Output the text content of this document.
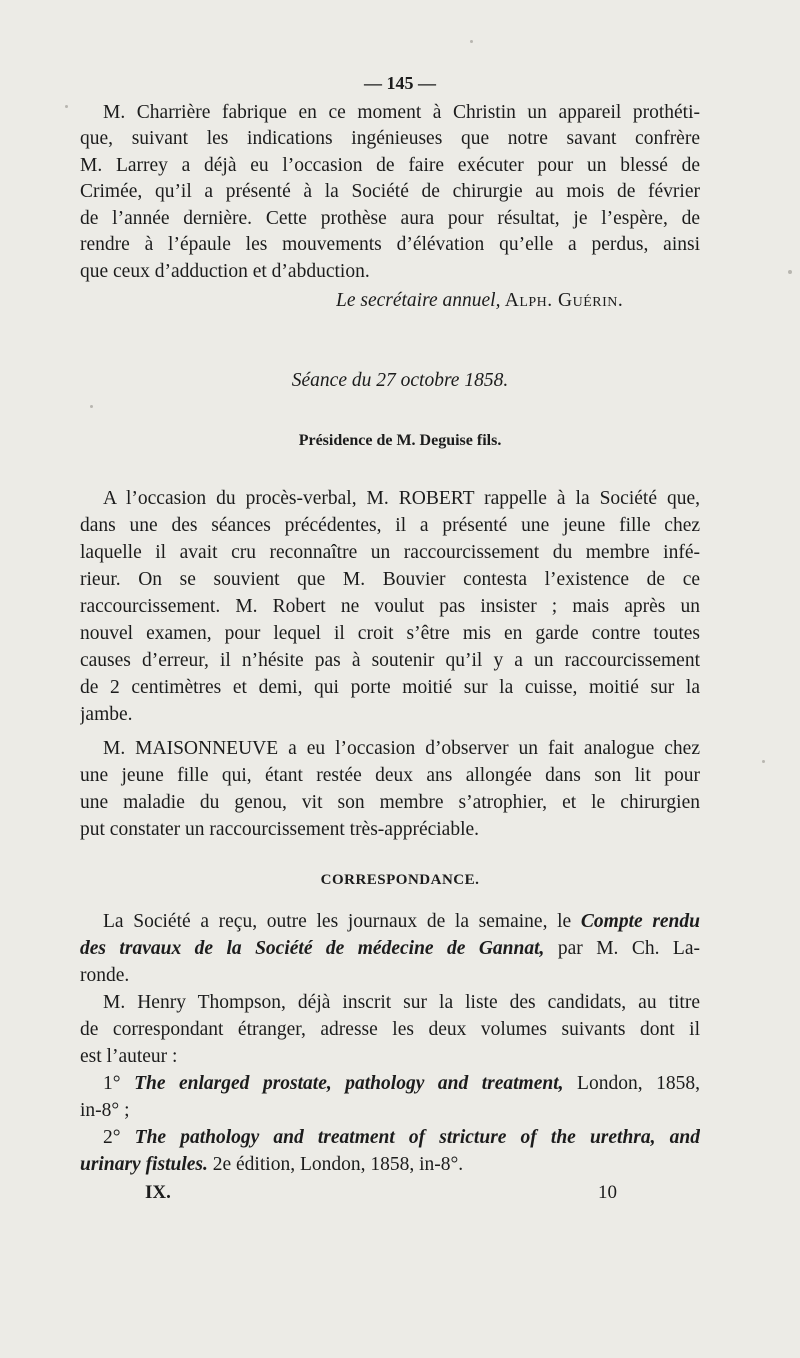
— 145 —
M. Charrière fabrique en ce moment à Christin un appareil prothéti-
que, suivant les indications ingénieuses que notre savant confrère
M. Larrey a déjà eu l’occasion de faire exécuter pour un blessé de
Crimée, qu’il a présenté à la Société de chirurgie au mois de février
de l’année dernière. Cette prothèse aura pour résultat, je l’espère, de
rendre à l’épaule les mouvements d’élévation qu’elle a perdus, ainsi
que ceux d’adduction et d’abduction.
Le secrétaire annuel, Alph. Guérin.
Séance du 27 octobre 1858.
Présidence de M. Deguise fils.
A l’occasion du procès-verbal, M. ROBERT rappelle à la Société que,
dans une des séances précédentes, il a présenté une jeune fille chez
laquelle il avait cru reconnaître un raccourcissement du membre infé-
rieur. On se souvient que M. Bouvier contesta l’existence de ce
raccourcissement. M. Robert ne voulut pas insister ; mais après un
nouvel examen, pour lequel il croit s’être mis en garde contre toutes
causes d’erreur, il n’hésite pas à soutenir qu’il y a un raccourcissement
de 2 centimètres et demi, qui porte moitié sur la cuisse, moitié sur la
jambe.
M. MAISONNEUVE a eu l’occasion d’observer un fait analogue chez
une jeune fille qui, étant restée deux ans allongée dans son lit pour
une maladie du genou, vit son membre s’atrophier, et le chirurgien
put constater un raccourcissement très-appréciable.
CORRESPONDANCE.
La Société a reçu, outre les journaux de la semaine, le Compte rendu
des travaux de la Société de médecine de Gannat, par M. Ch. La-
ronde.
M. Henry Thompson, déjà inscrit sur la liste des candidats, au titre
de correspondant étranger, adresse les deux volumes suivants dont il
est l’auteur :
1° The enlarged prostate, pathology and treatment, London, 1858,
in-8° ;
2° The pathology and treatment of stricture of the urethra, and
urinary fistules. 2e édition, London, 1858, in-8°.
IX.	10
